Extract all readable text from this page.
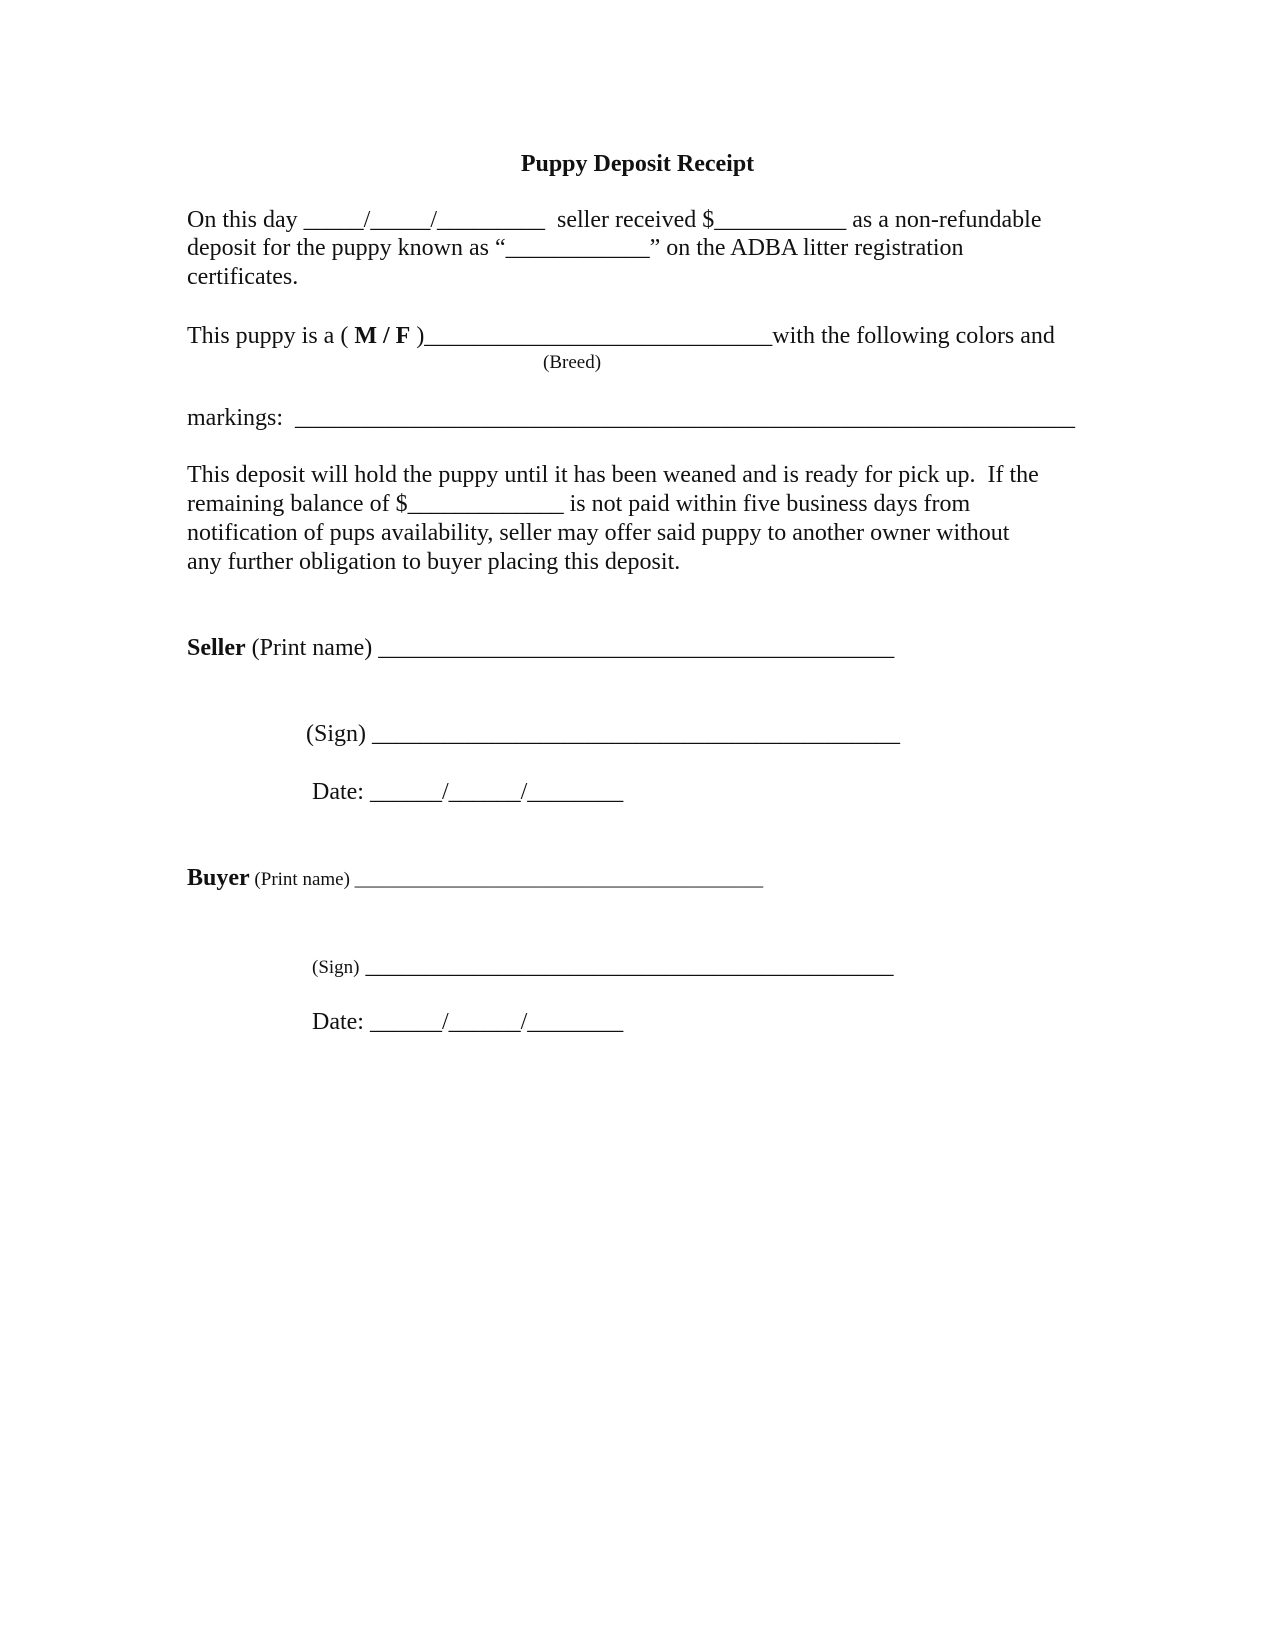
Puppy Deposit Receipt
On this day _____/_____/_________  seller received $___________ as a non-refundable
deposit for the puppy known as “____________” on the ADBA litter registration
certificates.
This puppy is a ( M / F )_____________________________with the following colors and
(Breed)
markings:  _________________________________________________________________
This deposit will hold the puppy until it has been weaned and is ready for pick up.  If the
remaining balance of $_____________ is not paid within five business days from
notification of pups availability, seller may offer said puppy to another owner without
any further obligation to buyer placing this deposit.
Seller (Print name) ___________________________________________
(Sign) ____________________________________________
Date: ______/______/________
Buyer (Print name) ___________________________________________
(Sign) ____________________________________________
Date: ______/______/________
